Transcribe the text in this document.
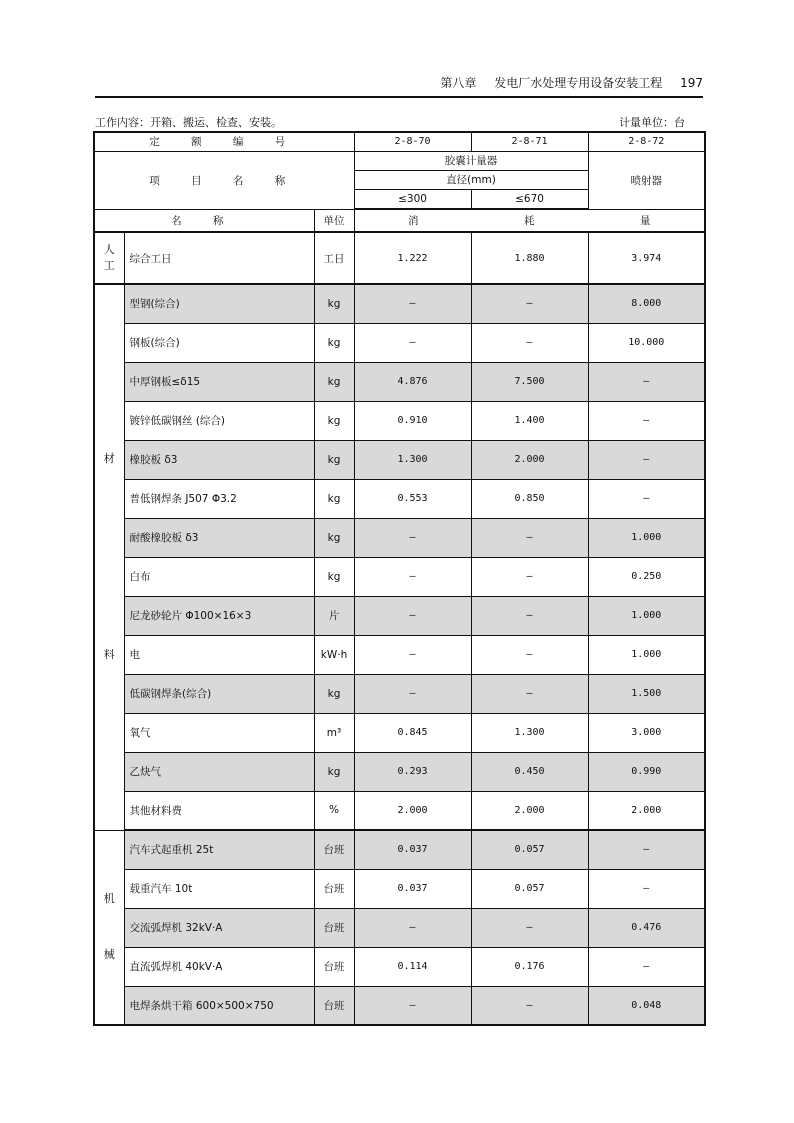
第八章 发电厂水处理专用设备安装工程 197
工作内容：开箱、搬运、检查、安装。	计量单位：台
定 额 编 号			2-8-70	2-8-71	2-8-72
项 目 名 称			胶囊计量器		喷射器
			直径(mm)		
			≤300	≤670	
名 称		单位	消 耗 量		

人
工	综合工日	工日	1.222	1.880	3.974

材
料	型钢(综合)	kg	—	—	8.000
	钢板(综合)	kg	—	—	10.000
	中厚钢板≤δ15	kg	4.876	7.500	—
	镀锌低碳钢丝 (综合)	kg	0.910	1.400	—
	橡胶板 δ3	kg	1.300	2.000	—
	普低钢焊条 J507 Φ3.2	kg	0.553	0.850	—
	耐酸橡胶板 δ3	kg	—	—	1.000
	白布	kg	—	—	0.250
	尼龙砂轮片 Φ100×16×3	片	—	—	1.000
	电	kW·h	—	—	1.000
	低碳钢焊条(综合)	kg	—	—	1.500
	氧气	m³	0.845	1.300	3.000
	乙炔气	kg	0.293	0.450	0.990
	其他材料费	%	2.000	2.000	2.000

机
械	汽车式起重机 25t	台班	0.037	0.057	—
	载重汽车 10t	台班	0.037	0.057	—
	交流弧焊机 32kV·A	台班	—	—	0.476
	直流弧焊机 40kV·A	台班	0.114	0.176	—
	电焊条烘干箱 600×500×750	台班	—	—	0.048
